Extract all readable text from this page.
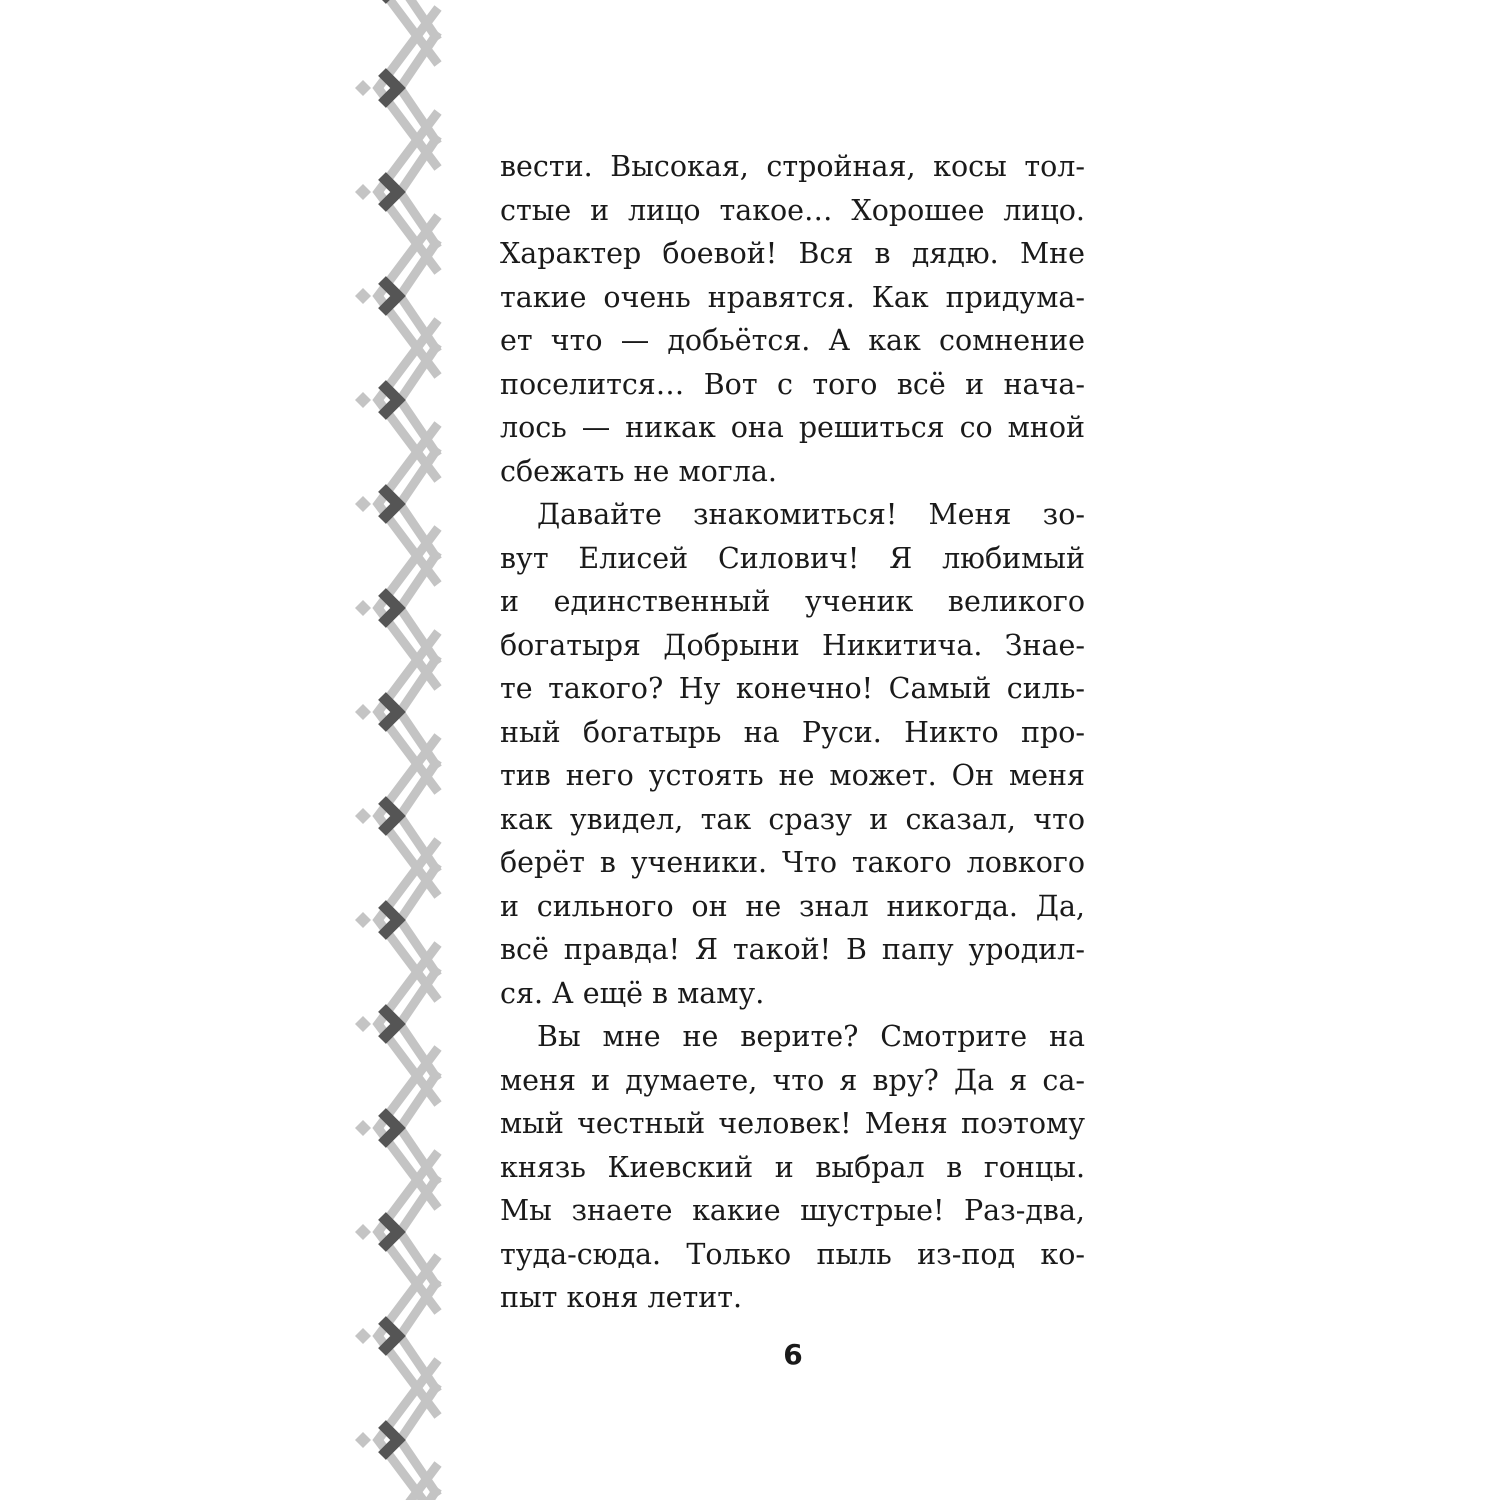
вести. Высокая, стройная, косы тол-
стые и лицо такое… Хорошее лицо.
Характер боевой! Вся в дядю. Мне
такие очень нравятся. Как придума-
ет что — добьётся. А как сомнение
поселится… Вот с того всё и нача-
лось — никак она решиться со мной
сбежать не могла.
Давайте знакомиться! Меня зо-
вут Елисей Силович! Я любимый
и единственный ученик великого
богатыря Добрыни Никитича. Знае-
те такого? Ну конечно! Самый силь-
ный богатырь на Руси. Никто про-
тив него устоять не может. Он меня
как увидел, так сразу и сказал, что
берёт в ученики. Что такого ловкого
и сильного он не знал никогда. Да,
всё правда! Я такой! В папу уродил-
ся. А ещё в маму.
Вы мне не верите? Смотрите на
меня и думаете, что я вру? Да я са-
мый честный человек! Меня поэтому
князь Киевский и выбрал в гонцы.
Мы знаете какие шустрые! Раз-два,
туда-сюда. Только пыль из-под ко-
пыт коня летит.
6
